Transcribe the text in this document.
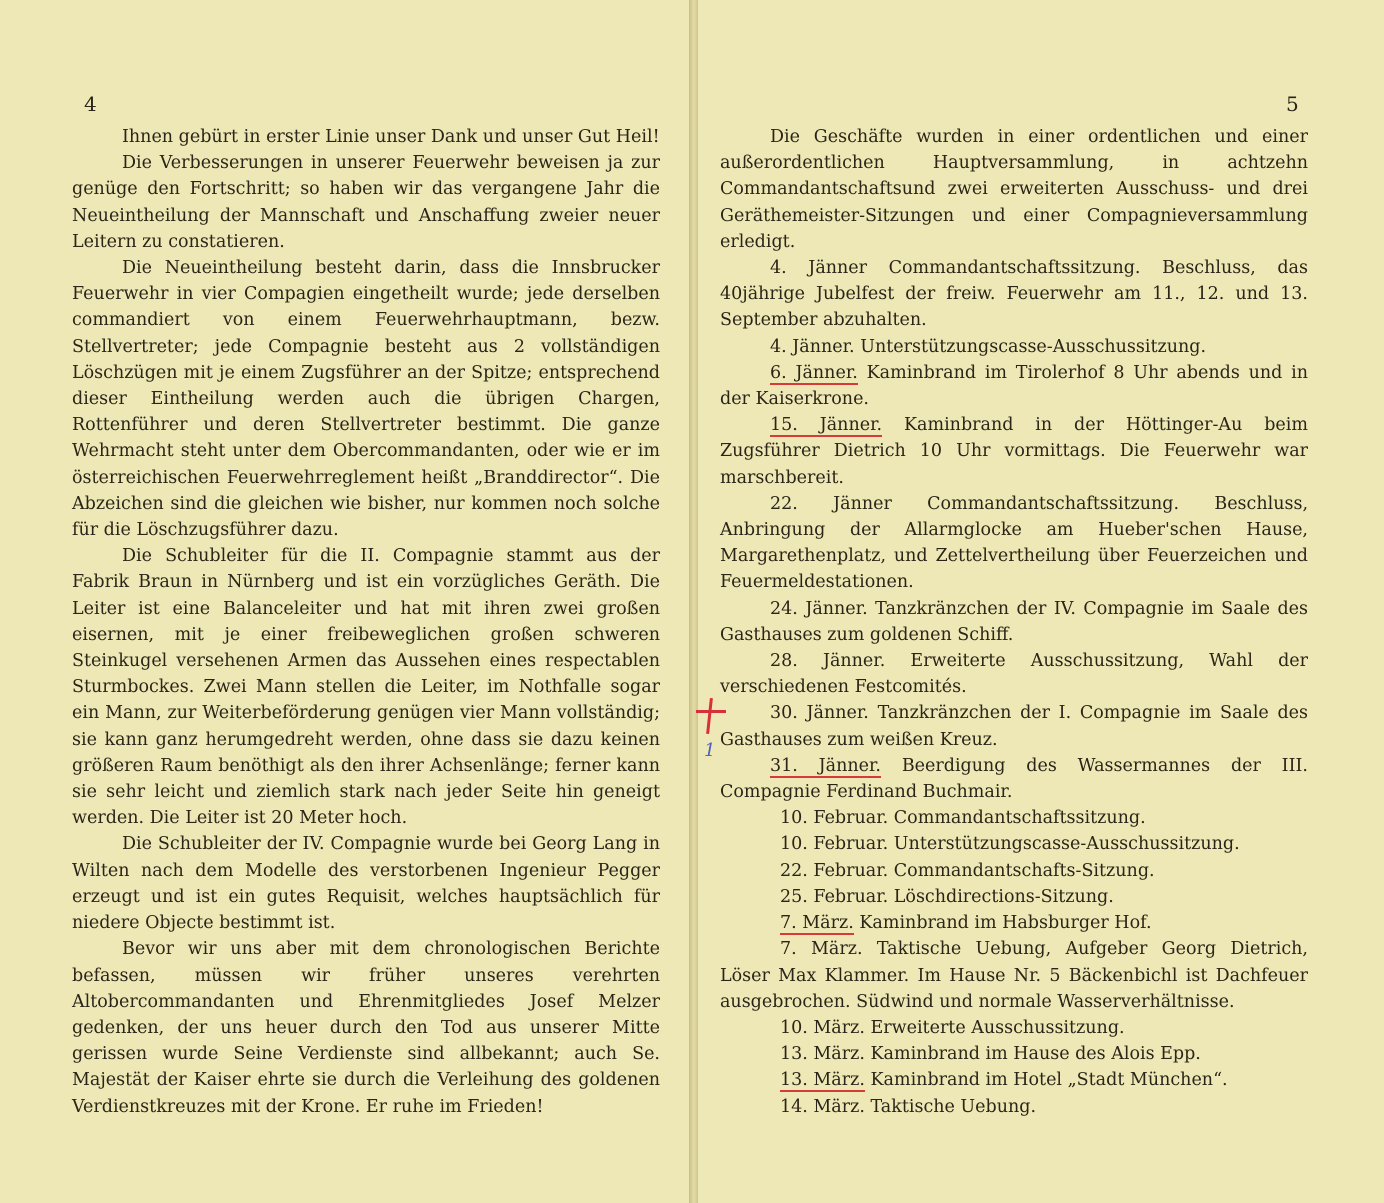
4

Ihnen gebürt in erster Linie unser Dank und unser Gut Heil!

Die Verbesserungen in unserer Feuerwehr beweisen ja zur genüge den Fortschritt; so haben wir das vergangene Jahr die Neueintheilung der Mannschaft und Anschaffung zweier neuer Leitern zu constatieren.

Die Neueintheilung besteht darin, dass die Innsbrucker Feuerwehr in vier Compagien eingetheilt wurde; jede derselben commandiert von einem Feuerwehrhauptmann, bezw. Stellvertreter; jede Compagnie besteht aus 2 vollständigen Löschzügen mit je einem Zugsführer an der Spitze; entsprechend dieser Eintheilung werden auch die übrigen Chargen, Rottenführer und deren Stellvertreter bestimmt. Die ganze Wehrmacht steht unter dem Obercommandanten, oder wie er im österreichischen Feuerwehrreglement heißt „Branddirector“. Die Abzeichen sind die gleichen wie bisher, nur kommen noch solche für die Löschzugsführer dazu.

Die Schubleiter für die II. Compagnie stammt aus der Fabrik Braun in Nürnberg und ist ein vorzügliches Geräth. Die Leiter ist eine Balanceleiter und hat mit ihren zwei großen eisernen, mit je einer freibeweglichen großen schweren Steinkugel versehenen Armen das Aussehen eines respectablen Sturmbockes. Zwei Mann stellen die Leiter, im Nothfalle sogar ein Mann, zur Weiterbeförderung genügen vier Mann vollständig; sie kann ganz herumgedreht werden, ohne dass sie dazu keinen größeren Raum benöthigt als den ihrer Achsenlänge; ferner kann sie sehr leicht und ziemlich stark nach jeder Seite hin geneigt werden. Die Leiter ist 20 Meter hoch.

Die Schubleiter der IV. Compagnie wurde bei Georg Lang in Wilten nach dem Modelle des verstorbenen Ingenieur Pegger erzeugt und ist ein gutes Requisit, welches hauptsächlich für niedere Objecte bestimmt ist.

Bevor wir uns aber mit dem chronologischen Berichte befassen, müssen wir früher unseres verehrten Altobercommandanten und Ehrenmitgliedes Josef Melzer gedenken, der uns heuer durch den Tod aus unserer Mitte gerissen wurde Seine Verdienste sind allbekannt; auch Se. Majestät der Kaiser ehrte sie durch die Verleihung des goldenen Verdienstkreuzes mit der Krone. Er ruhe im Frieden!

5

Die Geschäfte wurden in einer ordentlichen und einer außerordentlichen Hauptversammlung, in achtzehn Commandantschaftsund zwei erweiterten Ausschuss- und drei Geräthemeister-Sitzungen und einer Compagnieversammlung erledigt.

4. Jänner Commandantschaftssitzung. Beschluss, das 40jährige Jubelfest der freiw. Feuerwehr am 11., 12. und 13. September abzuhalten.

4. Jänner. Unterstützungscasse-Ausschussitzung.

6. Jänner. Kaminbrand im Tirolerhof 8 Uhr abends und in der Kaiserkrone.

15. Jänner. Kaminbrand in der Höttinger-Au beim Zugsführer Dietrich 10 Uhr vormittags. Die Feuerwehr war marschbereit.

22. Jänner Commandantschaftssitzung. Beschluss, Anbringung der Allarmglocke am Hueber'schen Hause, Margarethenplatz, und Zettelvertheilung über Feuerzeichen und Feuermeldestationen.

24. Jänner. Tanzkränzchen der IV. Compagnie im Saale des Gasthauses zum goldenen Schiff.

28. Jänner. Erweiterte Ausschussitzung, Wahl der verschiedenen Festcomités.

30. Jänner. Tanzkränzchen der I. Compagnie im Saale des Gasthauses zum weißen Kreuz.

31. Jänner. Beerdigung des Wassermannes der III. Compagnie Ferdinand Buchmair.

10. Februar. Commandantschaftssitzung.

10. Februar. Unterstützungscasse-Ausschussitzung.

22. Februar. Commandantschafts-Sitzung.

25. Februar. Löschdirections-Sitzung.

7. März. Kaminbrand im Habsburger Hof.

7. März. Taktische Uebung, Aufgeber Georg Dietrich, Löser Max Klammer. Im Hause Nr. 5 Bäckenbichl ist Dachfeuer ausgebrochen. Südwind und normale Wasserverhältnisse.

10. März. Erweiterte Ausschussitzung.

13. März. Kaminbrand im Hause des Alois Epp.

13. März. Kaminbrand im Hotel „Stadt München“.

14. März. Taktische Uebung.

1
